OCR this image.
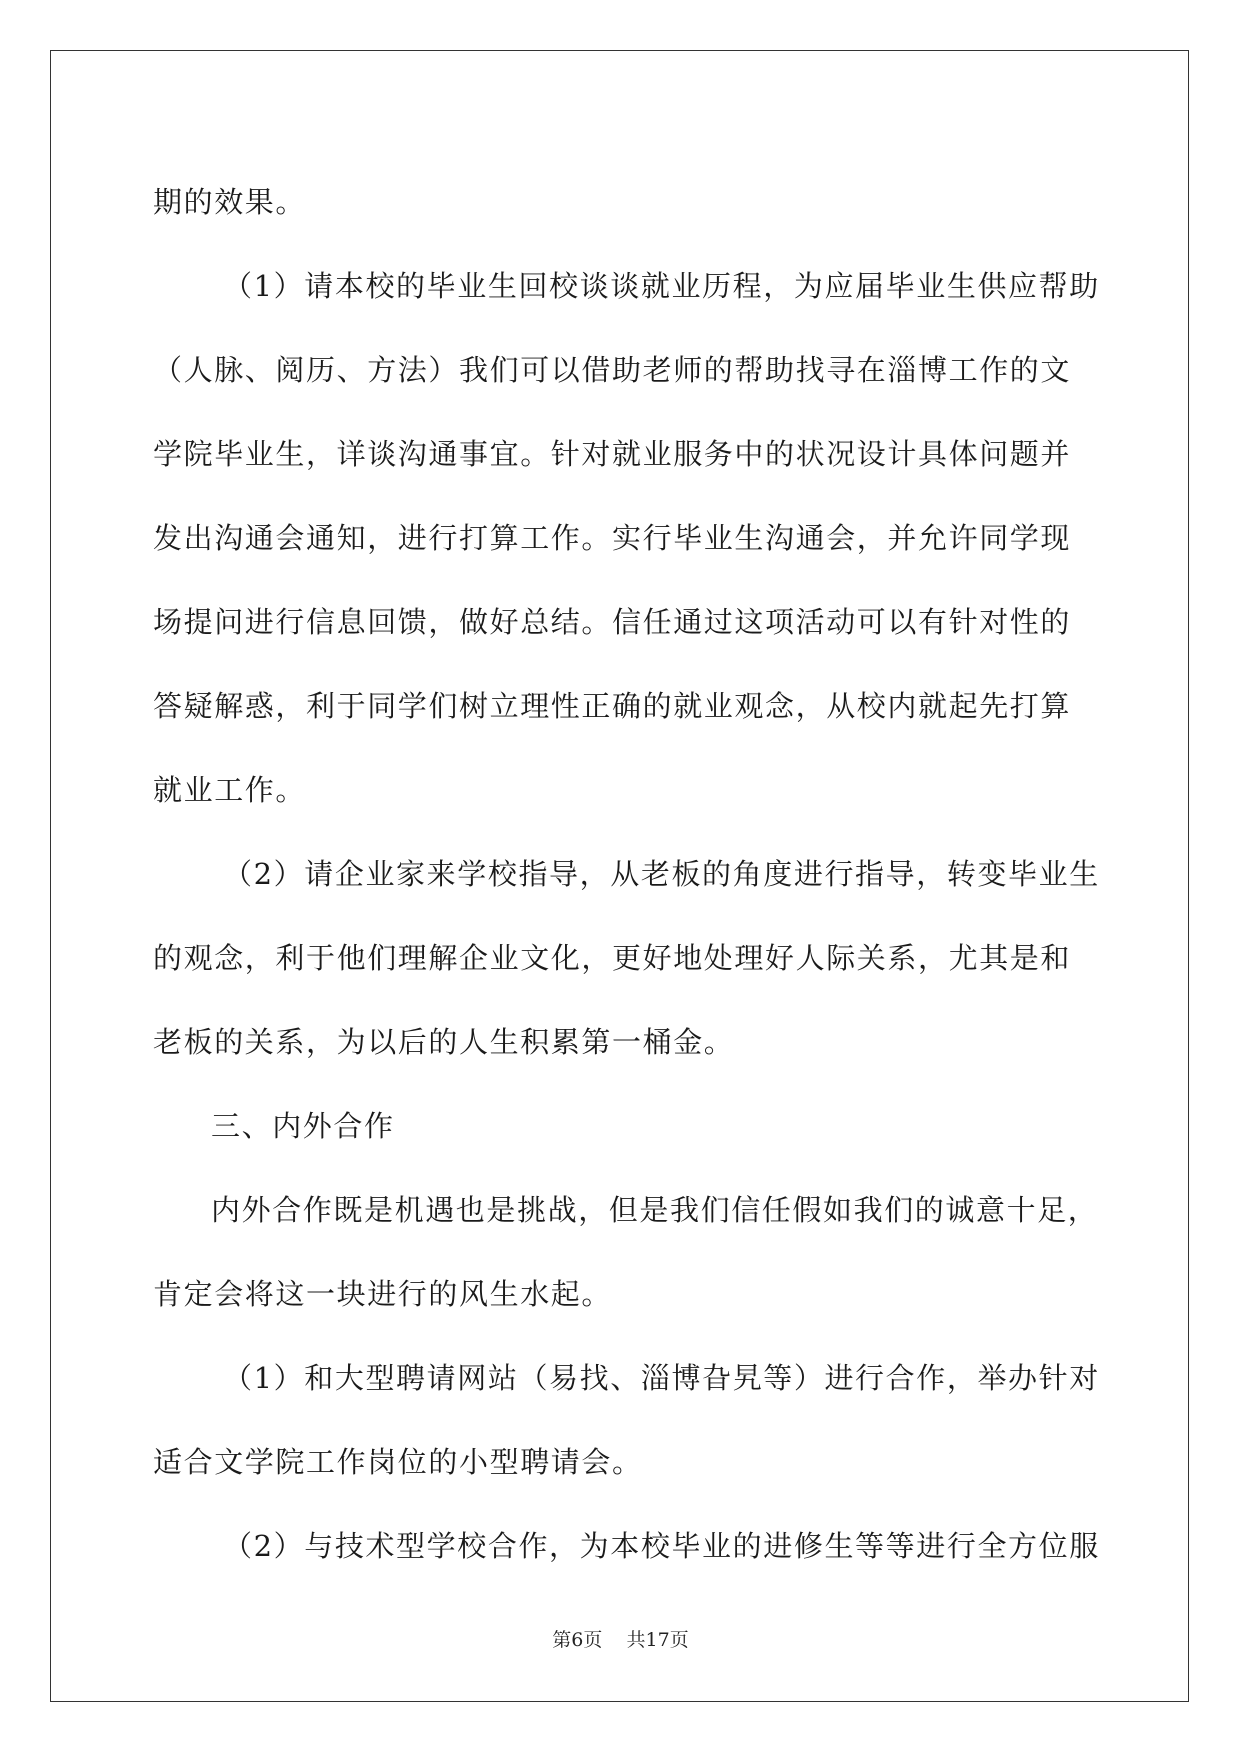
期的效果。
（1）请本校的毕业生回校谈谈就业历程，为应届毕业生供应帮助
（人脉、阅历、方法）我们可以借助老师的帮助找寻在淄博工作的文
学院毕业生，详谈沟通事宜。针对就业服务中的状况设计具体问题并
发出沟通会通知，进行打算工作。实行毕业生沟通会，并允许同学现
场提问进行信息回馈，做好总结。信任通过这项活动可以有针对性的
答疑解惑，利于同学们树立理性正确的就业观念，从校内就起先打算
就业工作。
（2）请企业家来学校指导，从老板的角度进行指导，转变毕业生
的观念，利于他们理解企业文化，更好地处理好人际关系，尤其是和
老板的关系，为以后的人生积累第一桶金。
三、内外合作
内外合作既是机遇也是挑战，但是我们信任假如我们的诚意十足，
肯定会将这一块进行的风生水起。
（1）和大型聘请网站（易找、淄博旮旯等）进行合作，举办针对
适合文学院工作岗位的小型聘请会。
（2）与技术型学校合作，为本校毕业的进修生等等进行全方位服
第6页    共17页
